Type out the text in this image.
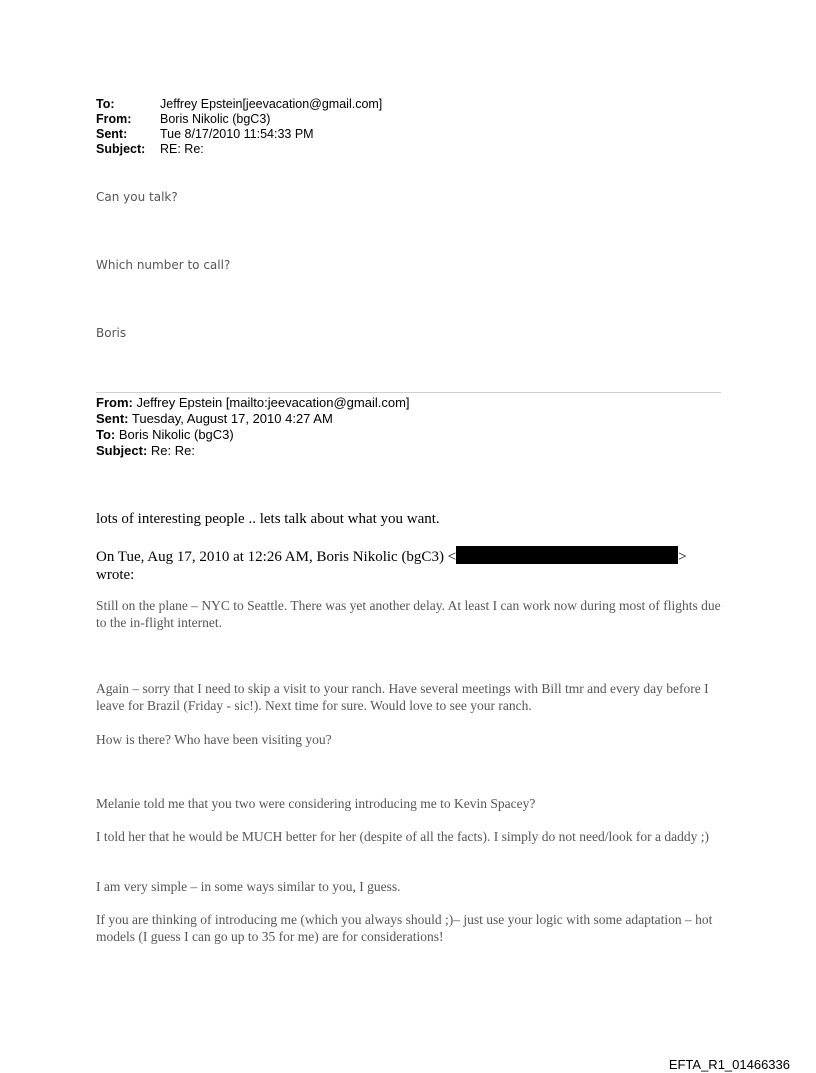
To:	Jeffrey Epstein[jeevacation@gmail.com]
From: Boris Nikolic (bgC3)
Sent:	Tue 8/17/2010 11:54:33 PM
Subject: RE: Re:
Can you talk?
Which number to call?
Boris
From: Jeffrey Epstein [mailto:jeevacation@gmail.com]
Sent: Tuesday, August 17, 2010 4:27 AM
To: Boris Nikolic (bgC3)
Subject: Re: Re:
lots of interesting people .. lets talk about what you want.
On Tue, Aug 17, 2010 at 12:26 AM, Boris Nikolic (bgC3) <	>
wrote:
Still on the plane – NYC to Seattle. There was yet another delay. At least I can work now during most of flights due to the in-flight internet.
Again – sorry that I need to skip a visit to your ranch. Have several meetings with Bill tmr and every day before I leave for Brazil (Friday - sic!). Next time for sure. Would love to see your ranch.
How is there? Who have been visiting you?
Melanie told me that you two were considering introducing me to Kevin Spacey?
I told her that he would be MUCH better for her (despite of all the facts). I simply do not need/look for a daddy ;)
I am very simple – in some ways similar to you, I guess.
If you are thinking of introducing me (which you always should ;)– just use your logic with some adaptation – hot models (I guess I can go up to 35 for me) are for considerations!
EFTA_R1_01466336
